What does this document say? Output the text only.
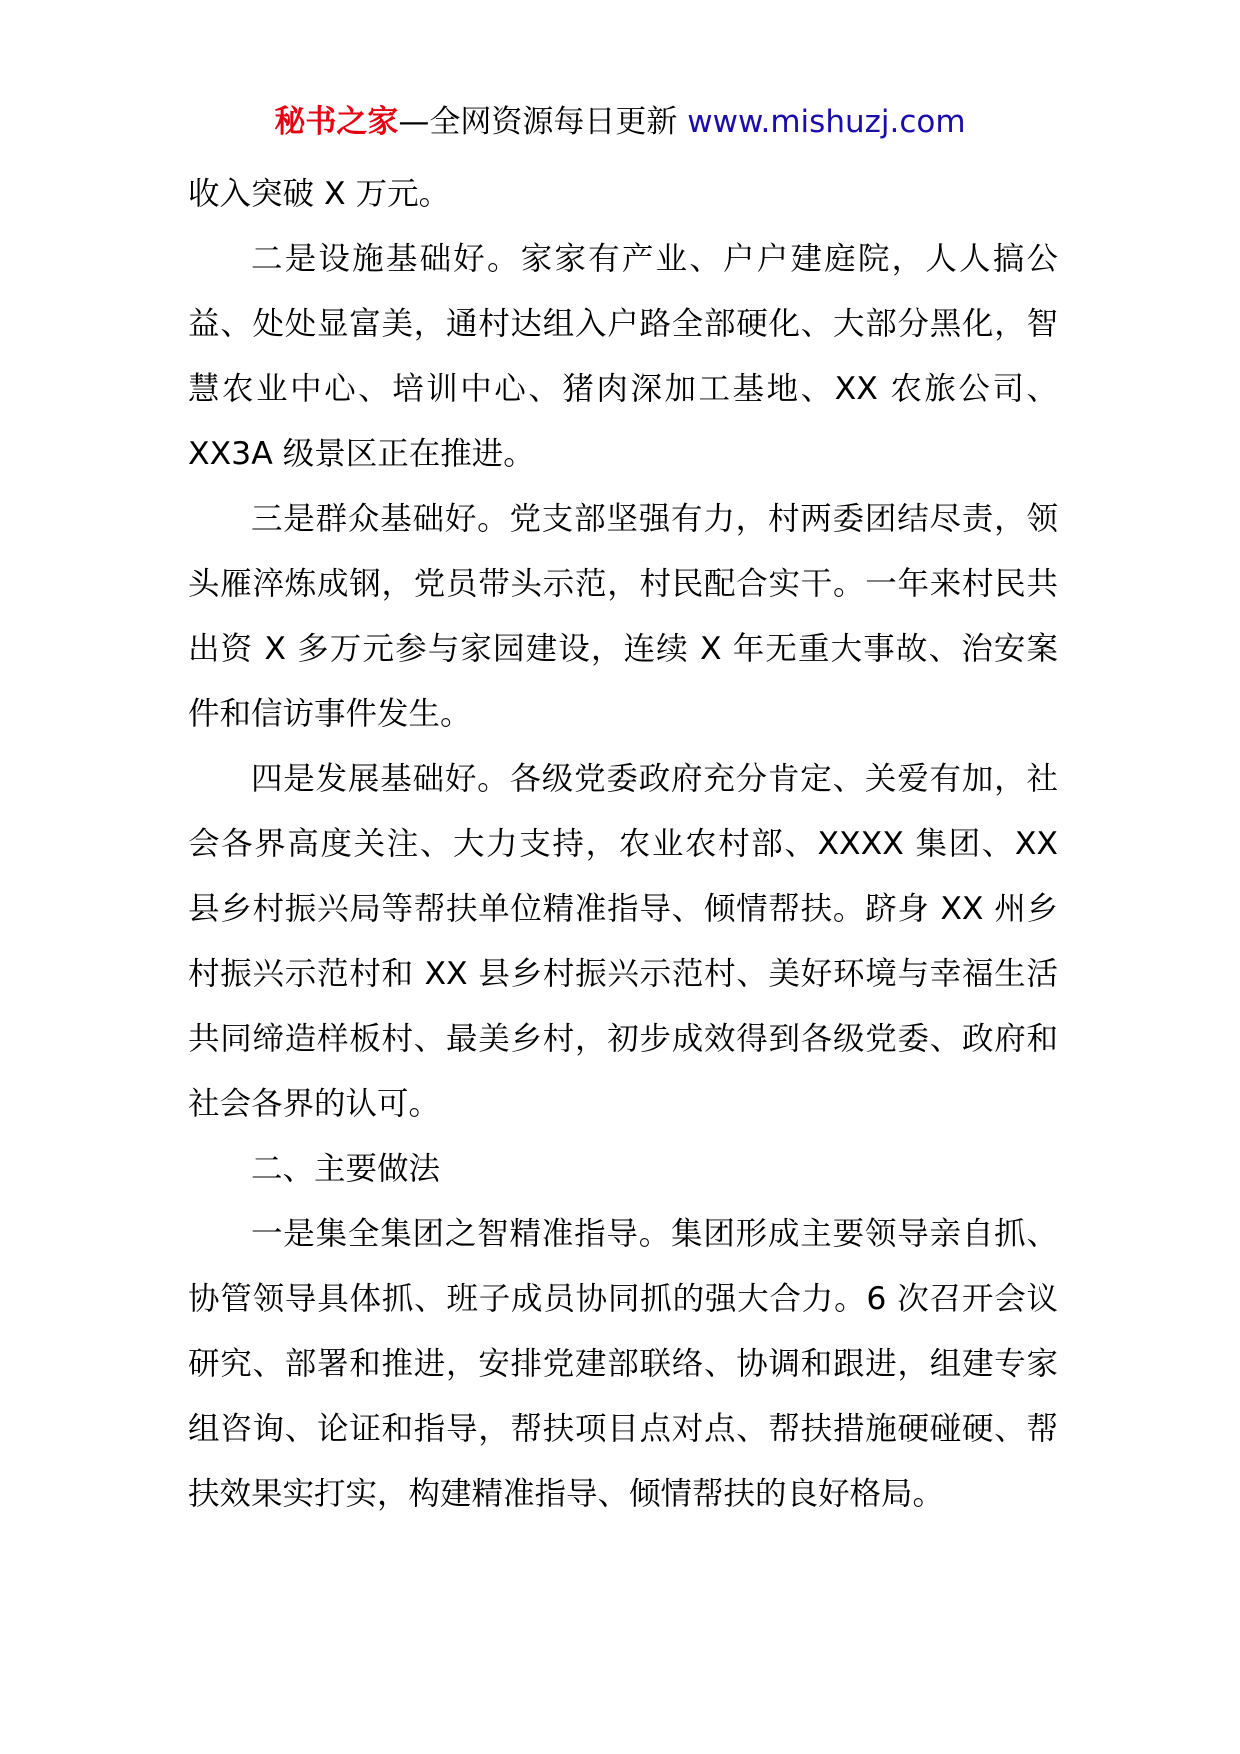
秘书之家—全网资源每日更新 www.mishuzj.com

收入突破 X 万元。

二是设施基础好。家家有产业、户户建庭院，人人搞公益、处处显富美，通村达组入户路全部硬化、大部分黑化，智慧农业中心、培训中心、猪肉深加工基地、XX 农旅公司、XX3A 级景区正在推进。

三是群众基础好。党支部坚强有力，村两委团结尽责，领头雁淬炼成钢，党员带头示范，村民配合实干。一年来村民共出资 X 多万元参与家园建设，连续 X 年无重大事故、治安案件和信访事件发生。

四是发展基础好。各级党委政府充分肯定、关爱有加，社会各界高度关注、大力支持，农业农村部、XXXX 集团、XX 县乡村振兴局等帮扶单位精准指导、倾情帮扶。跻身 XX 州乡村振兴示范村和 XX 县乡村振兴示范村、美好环境与幸福生活共同缔造样板村、最美乡村，初步成效得到各级党委、政府和社会各界的认可。

二、主要做法

一是集全集团之智精准指导。集团形成主要领导亲自抓、协管领导具体抓、班子成员协同抓的强大合力。6 次召开会议研究、部署和推进，安排党建部联络、协调和跟进，组建专家组咨询、论证和指导，帮扶项目点对点、帮扶措施硬碰硬、帮扶效果实打实，构建精准指导、倾情帮扶的良好格局。
